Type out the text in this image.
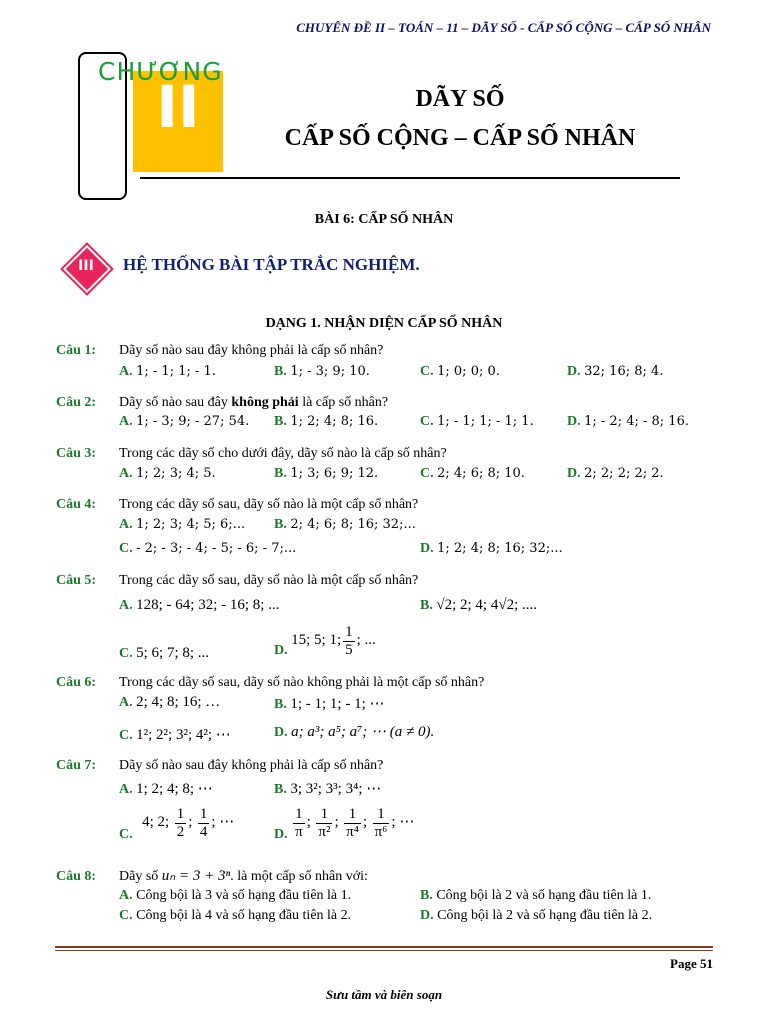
CHUYÊN ĐỀ II – TOÁN – 11 – DÃY SỐ - CẤP SỐ CỘNG – CẤP SỐ NHÂN
CHƯƠNG
II	DÃY SỐ
CẤP SỐ CỘNG – CẤP SỐ NHÂN
BÀI 6: CẤP SỐ NHÂN
III	HỆ THỐNG BÀI TẬP TRẮC NGHIỆM.
DẠNG 1. NHẬN DIỆN CẤP SỐ NHÂN
Câu 1: Dãy số nào sau đây không phải là cấp số nhân?
A. 1; - 1; 1; - 1.	B. 1; - 3; 9; 10.	C. 1; 0; 0; 0.	D. 32; 16; 8; 4.
Câu 2: Dãy số nào sau đây không phải là cấp số nhân?
A. 1; - 3; 9; - 27; 54. B. 1; 2; 4; 8; 16.	C. 1; - 1; 1; - 1; 1. D. 1; - 2; 4; - 8; 16.
Câu 3: Trong các dãy số cho dưới đây, dãy số nào là cấp số nhân?
A. 1; 2; 3; 4; 5.	B. 1; 3; 6; 9; 12.	C. 2; 4; 6; 8; 10.	D. 2; 2; 2; 2; 2.
Câu 4: Trong các dãy số sau, dãy số nào là một cấp số nhân?
A. 1; 2; 3; 4; 5; 6;... B. 2; 4; 6; 8; 16; 32;...
C. - 2; - 3; - 4; - 5; - 6; - 7;...	D. 1; 2; 4; 8; 16; 32;...
Câu 5: Trong các dãy số sau, dãy số nào là một cấp số nhân?
A. 128; - 64; 32; - 16; 8; ...	B. √2; 2; 4; 4√2; ....
C. 5; 6; 7; 8; ...	D. 15; 5; 1; $\frac{1}{5}$ ; ...
Câu 6: Trong các dãy số sau, dãy số nào không phải là một cấp số nhân?
A. 2; 4; 8; 16; …	B. 1; - 1; 1; - 1; ⋯
C. 1²; 2²; 3²; 4²; ⋯	D. a; a³; a⁵; a⁷; ⋯ (a ≠ 0).
Câu 7: Dãy số nào sau đây không phải là cấp số nhân?
A. 1; 2; 4; 8; ⋯	B. 3; 3²; 3³; 3⁴; ⋯
C. 4; 2; $\frac{1}{2}$ ; $\frac{1}{4}$ ; ⋯
D. $\frac{1}{\pi}$ ; $\frac{1}{\text{π²}}$ ; $\frac{1}{\text{π⁴}}$ ; $\frac{1}{\text{π⁶}}$ ; ⋯
Câu 8: Dãy số uₙ = 3 + 3ⁿ. là một cấp số nhân với:
A. Công bội là 3 và số hạng đầu tiên là 1.	B. Công bội là 2 và số hạng đầu tiên là 1.
C. Công bội là 4 và số hạng đầu tiên là 2.	D. Công bội là 2 và số hạng đầu tiên là 2.
Page 51
Sưu tầm và biên soạn
